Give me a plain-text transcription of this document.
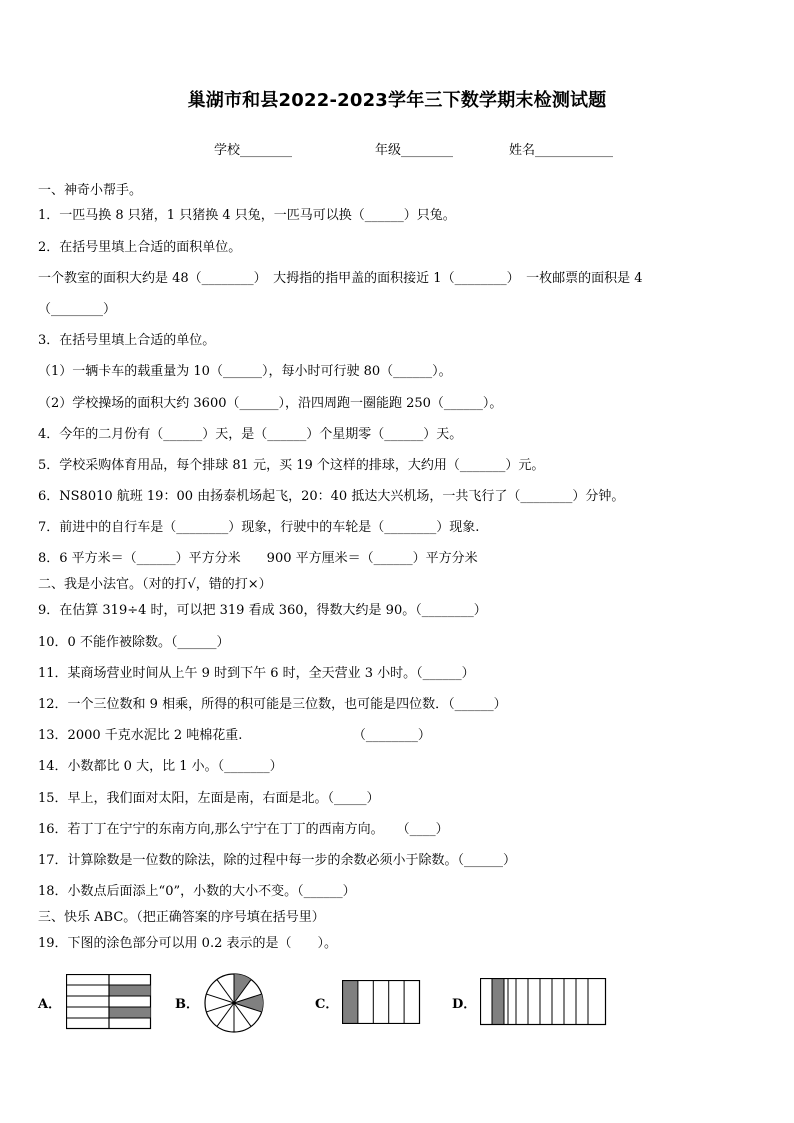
巢湖市和县2022-2023学年三下数学期末检测试题
学校________	年级________	姓名____________
一、神奇小帮手。
1．一匹马换 8 只猪，1 只猪换 4 只兔，一匹马可以换（______）只兔。
2．在括号里填上合适的面积单位。
一个教室的面积大约是 48（________）　大拇指的指甲盖的面积接近 1（________）　一枚邮票的面积是 4
（________）
3．在括号里填上合适的单位。
（1）一辆卡车的载重量为 10（______），每小时可行驶 80（______）。
（2）学校操场的面积大约 3600（______），沿四周跑一圈能跑 250（______）。
4．今年的二月份有（______）天，是（______）个星期零（______）天。
5．学校采购体育用品，每个排球 81 元，买 19 个这样的排球，大约用（_______）元。
6．NS8010 航班 19：00 由扬泰机场起飞，20：40 抵达大兴机场，一共飞行了（________）分钟。
7．前进中的自行车是（________）现象，行驶中的车轮是（________）现象.
8．6 平方米＝（______）平方分米　　900 平方厘米＝（______）平方分米
二、我是小法官。（对的打√，错的打×）
9．在估算 319÷4 时，可以把 319 看成 360，得数大约是 90。（________）
10．0 不能作被除数。（______）
11．某商场营业时间从上午 9 时到下午 6 时，全天营业 3 小时。（______）
12．一个三位数和 9 相乘，所得的积可能是三位数，也可能是四位数．（______）
13．2000 千克水泥比 2 吨棉花重.　　　　　　　　　（________）
14．小数都比 0 大，比 1 小。（_______）
15．早上，我们面对太阳，左面是南，右面是北。（_____）
16．若丁丁在宁宁的东南方向,那么宁宁在丁丁的西南方向。　　（____）
17．计算除数是一位数的除法，除的过程中每一步的余数必须小于除数。（______）
18．小数点后面添上“0”，小数的大小不变。（______）
三、快乐 ABC。（把正确答案的序号填在括号里）
19．下图的涂色部分可以用 0.2 表示的是（　　）。
A．	B．	C．	D．
